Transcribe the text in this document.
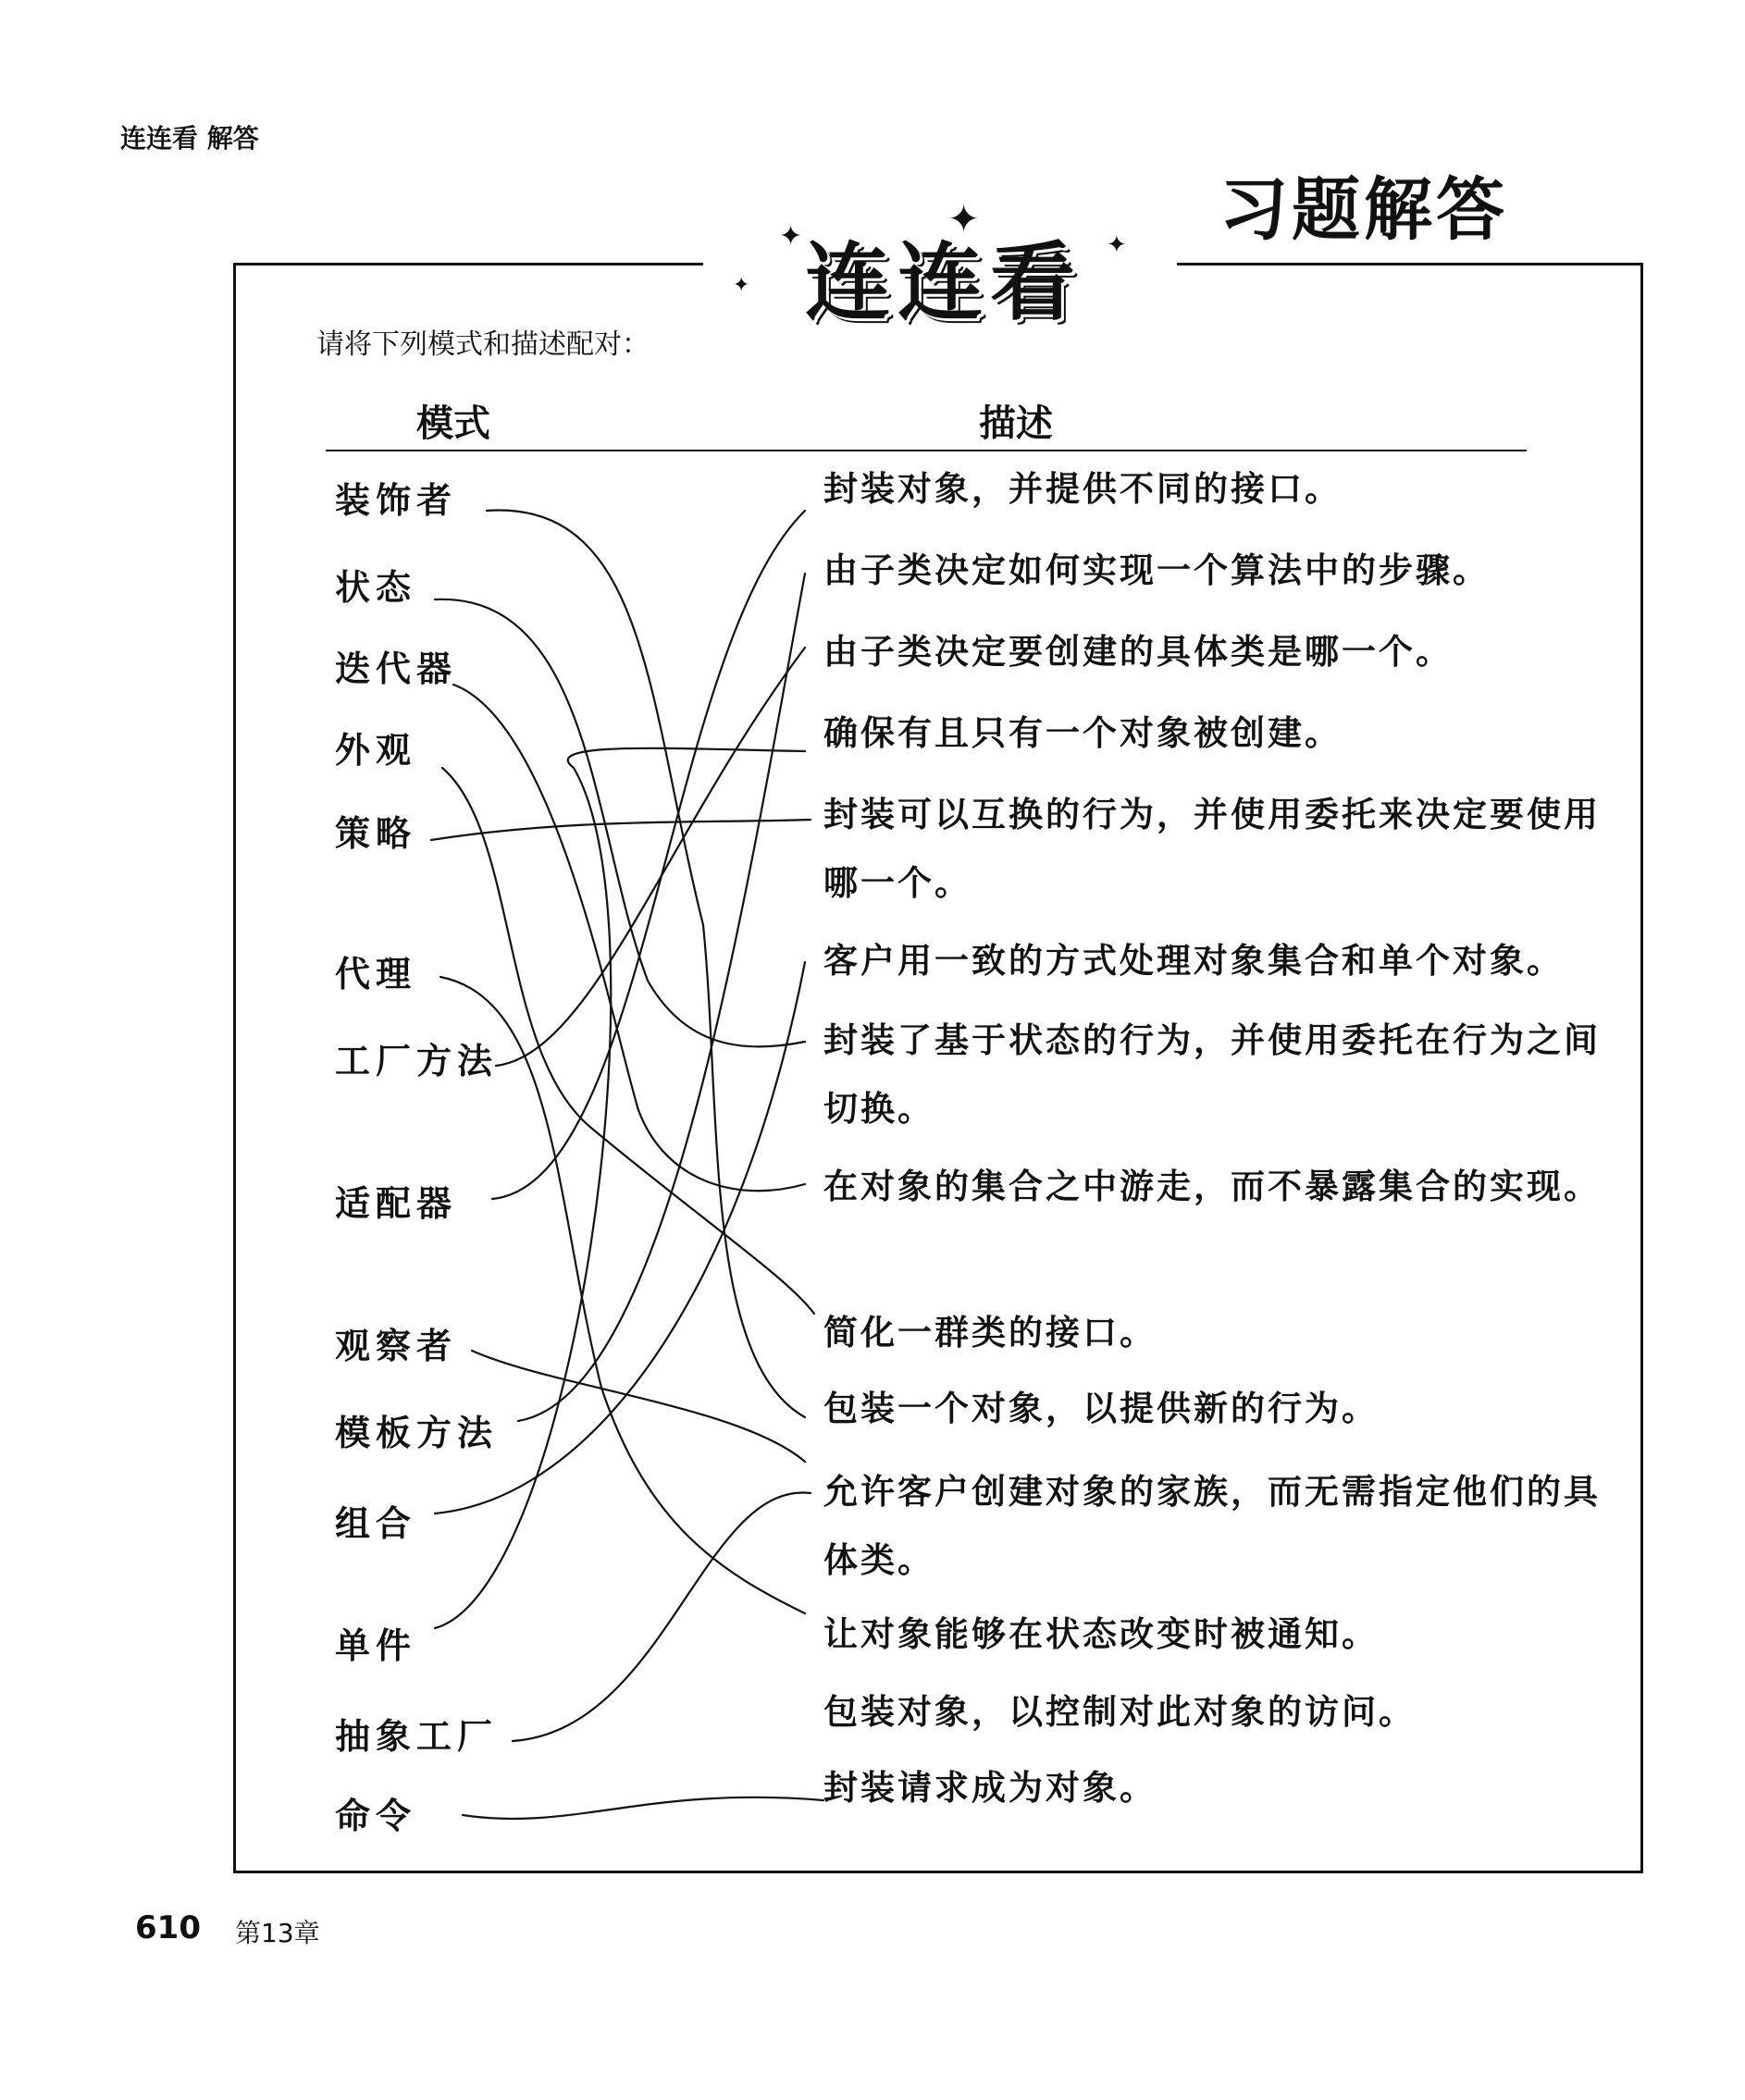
连连看 解答
习题解答
✦
✦
✦
✦
连连看
请将下列模式和描述配对：
模式	描述
装饰者
状态
迭代器
外观
策略
代理
工厂方法
适配器
观察者
模板方法
组合
单件
抽象工厂
命令
封装对象，并提供不同的接口。
由子类决定如何实现一个算法中的步骤。
由子类决定要创建的具体类是哪一个。
确保有且只有一个对象被创建。
封装可以互换的行为，并使用委托来决定要使用哪一个。
客户用一致的方式处理对象集合和单个对象。
封装了基于状态的行为，并使用委托在行为之间切换。
在对象的集合之中游走，而不暴露集合的实现。
简化一群类的接口。
包装一个对象，以提供新的行为。
允许客户创建对象的家族，而无需指定他们的具体类。
让对象能够在状态改变时被通知。
包装对象，以控制对此对象的访问。
封装请求成为对象。
610 第13章
